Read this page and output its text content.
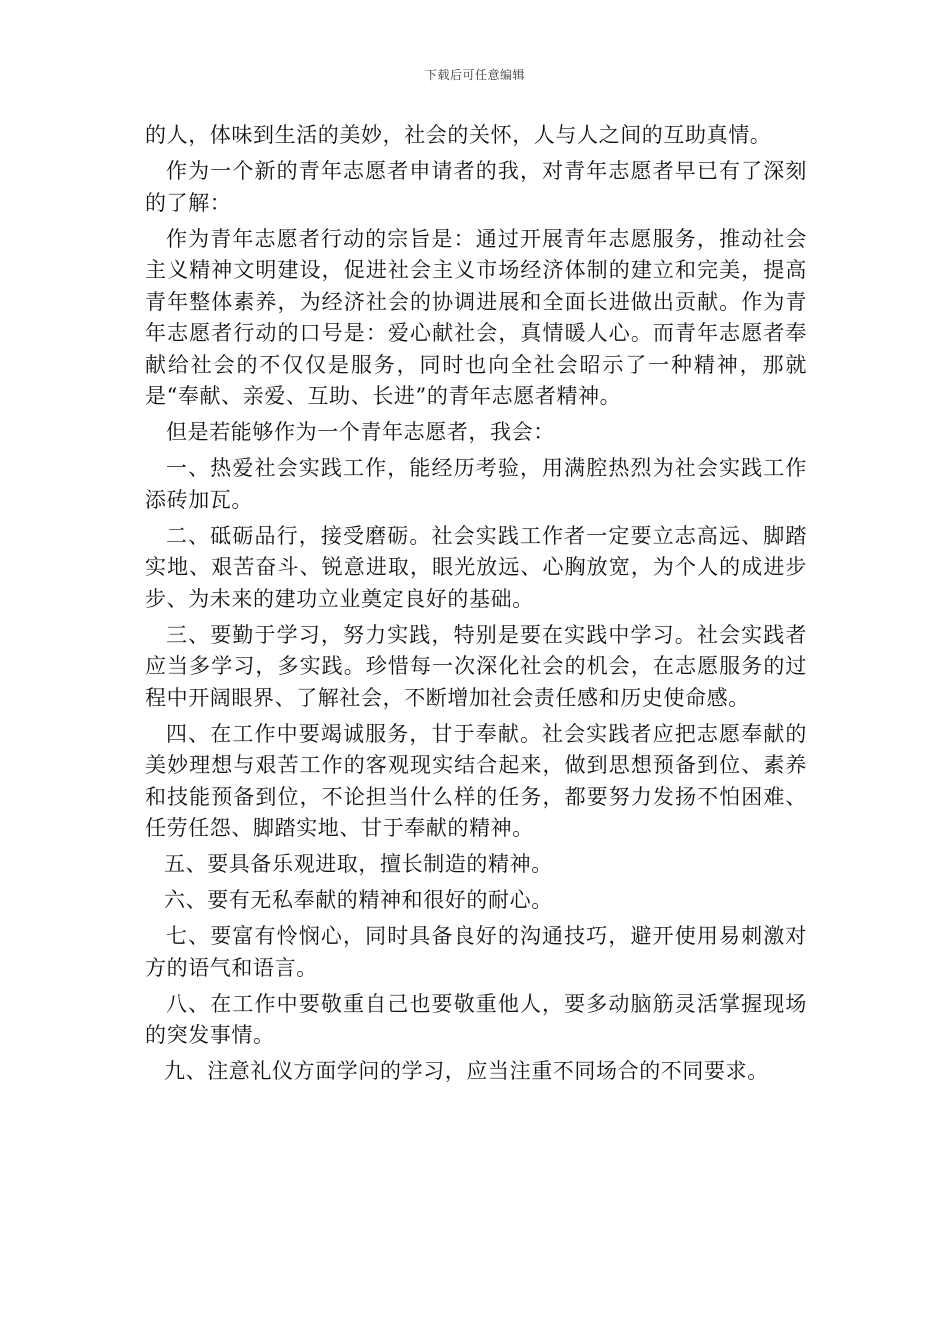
下载后可任意编辑

的人，体味到生活的美妙，社会的关怀，人与人之间的互助真情。

作为一个新的青年志愿者申请者的我，对青年志愿者早已有了深刻的了解：

作为青年志愿者行动的宗旨是：通过开展青年志愿服务，推动社会主义精神文明建设，促进社会主义市场经济体制的建立和完美，提高青年整体素养，为经济社会的协调进展和全面长进做出贡献。作为青年志愿者行动的口号是：爱心献社会，真情暖人心。而青年志愿者奉献给社会的不仅仅是服务，同时也向全社会昭示了一种精神，那就是“奉献、亲爱、互助、长进”的青年志愿者精神。

但是若能够作为一个青年志愿者，我会：

一、热爱社会实践工作，能经历考验，用满腔热烈为社会实践工作添砖加瓦。

二、砥砺品行，接受磨砺。社会实践工作者一定要立志高远、脚踏实地、艰苦奋斗、锐意进取，眼光放远、心胸放宽，为个人的成进步步、为未来的建功立业奠定良好的基础。

三、要勤于学习，努力实践，特别是要在实践中学习。社会实践者应当多学习，多实践。珍惜每一次深化社会的机会，在志愿服务的过程中开阔眼界、了解社会，不断增加社会责任感和历史使命感。

四、在工作中要竭诚服务，甘于奉献。社会实践者应把志愿奉献的美妙理想与艰苦工作的客观现实结合起来，做到思想预备到位、素养和技能预备到位，不论担当什么样的任务，都要努力发扬不怕困难、任劳任怨、脚踏实地、甘于奉献的精神。

五、要具备乐观进取，擅长制造的精神。

六、要有无私奉献的精神和很好的耐心。

七、要富有怜悯心，同时具备良好的沟通技巧，避开使用易刺激对方的语气和语言。

八、在工作中要敬重自己也要敬重他人，要多动脑筋灵活掌握现场的突发事情。

九、注意礼仪方面学问的学习，应当注重不同场合的不同要求。
